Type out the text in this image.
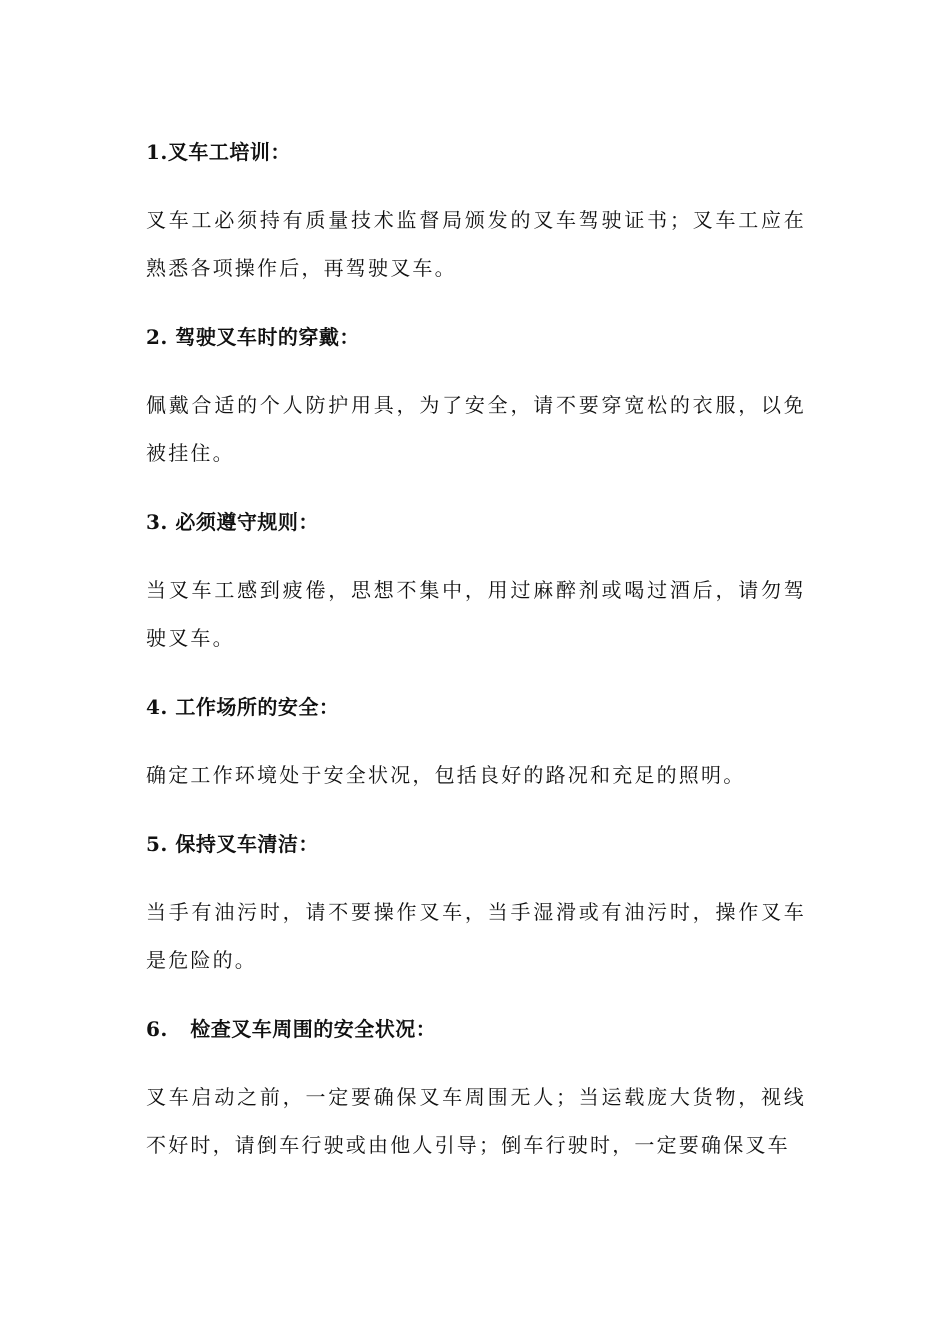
1.叉车工培训：
叉车工必须持有质量技术监督局颁发的叉车驾驶证书；叉车工应在熟悉各项操作后，再驾驶叉车。
2. 驾驶叉车时的穿戴：
佩戴合适的个人防护用具，为了安全，请不要穿宽松的衣服，以免被挂住。
3. 必须遵守规则：
当叉车工感到疲倦，思想不集中，用过麻醉剂或喝过酒后，请勿驾驶叉车。
4. 工作场所的安全：
确定工作环境处于安全状况，包括良好的路况和充足的照明。
5. 保持叉车清洁：
当手有油污时，请不要操作叉车，当手湿滑或有油污时，操作叉车是危险的。
6.   检查叉车周围的安全状况：
叉车启动之前，一定要确保叉车周围无人；当运载庞大货物，视线不好时，请倒车行驶或由他人引导；倒车行驶时，一定要确保叉车
